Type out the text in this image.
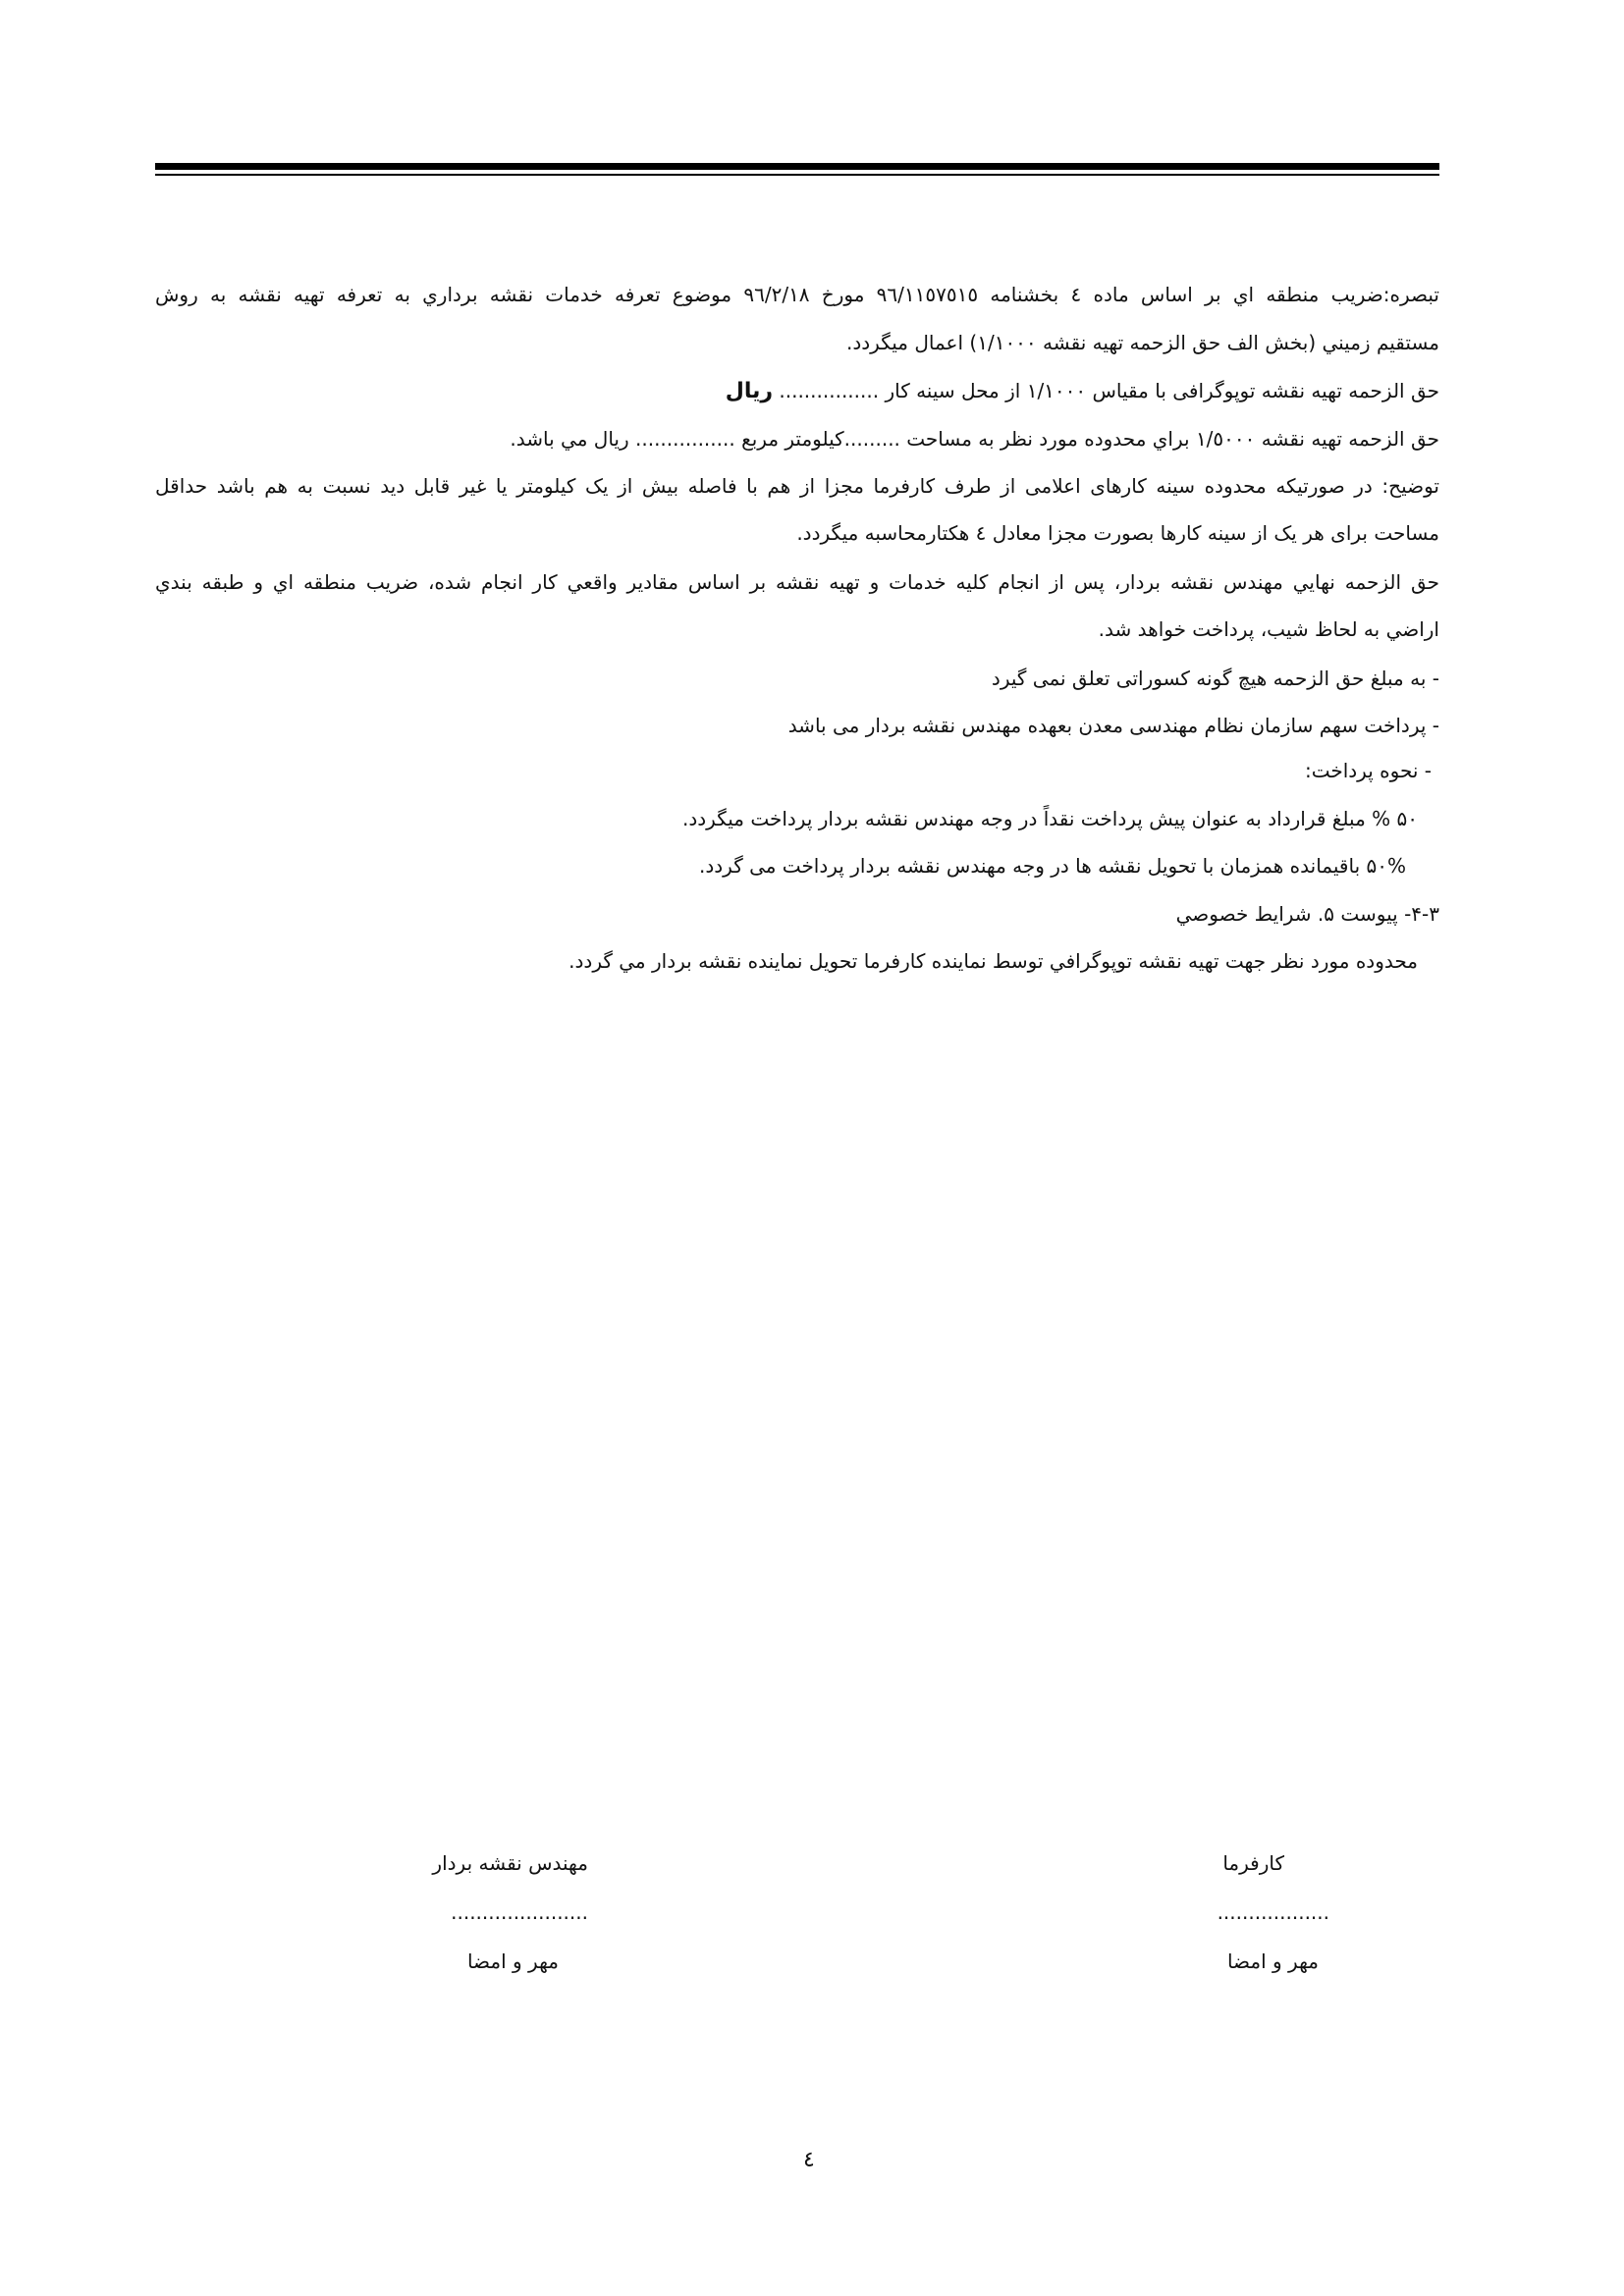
تبصره:ضريب منطقه اي بر اساس ماده ٤ بخشنامه ٩٦/١١٥٧٥١٥ مورخ ٩٦/٢/١٨ موضوع تعرفه خدمات نقشه برداري به تعرفه تهيه نقشه به روش
مستقيم زميني (بخش الف حق الزحمه تهيه نقشه ١/١٠٠٠) اعمال ميگردد.
حق الزحمه تهيه نقشه توپوگرافی با مقياس ١/١٠٠٠ از محل سينه كار ................ ريال
حق الزحمه تهيه نقشه ١/٥٠٠٠ براي محدوده مورد نظر به مساحت .........كيلومتر مربع ................ ريال مي باشد.
توضیح: در صورتیکه محدوده سینه کارهای اعلامی از طرف کارفرما مجزا از هم با فاصله بیش از یک کیلومتر یا غیر قابل دید نسبت به هم باشد حداقل
مساحت برای هر یک از سینه کارها بصورت مجزا معادل ٤ هکتارمحاسبه میگردد.
حق الزحمه نهايي مهندس نقشه بردار، پس از انجام كليه خدمات و تهيه نقشه بر اساس مقادير واقعي كار انجام شده، ضريب منطقه اي و طبقه بندي
اراضي به لحاظ شيب، پرداخت خواهد شد.
- به مبلغ حق الزحمه هیچ گونه کسوراتی تعلق نمی گیرد
- پرداخت سهم سازمان نظام مهندسی معدن بعهده مهندس نقشه بردار می باشد
- نحوه پرداخت:
۵۰ % مبلغ قرارداد به عنوان پیش پرداخت نقداً در وجه مهندس نقشه بردار پرداخت میگردد.
۵۰% باقیمانده همزمان با تحویل نقشه ها در وجه مهندس نقشه بردار پرداخت می گردد.
۴-۳- پیوست ۵. شرایط خصوصي
محدوده مورد نظر جهت تهيه نقشه توپوگرافي توسط نماينده كارفرما تحويل نماينده نقشه بردار مي گردد.
كارفرما
..................
مهر و امضا
مهندس نقشه بردار
......................
مهر و امضا
٤
